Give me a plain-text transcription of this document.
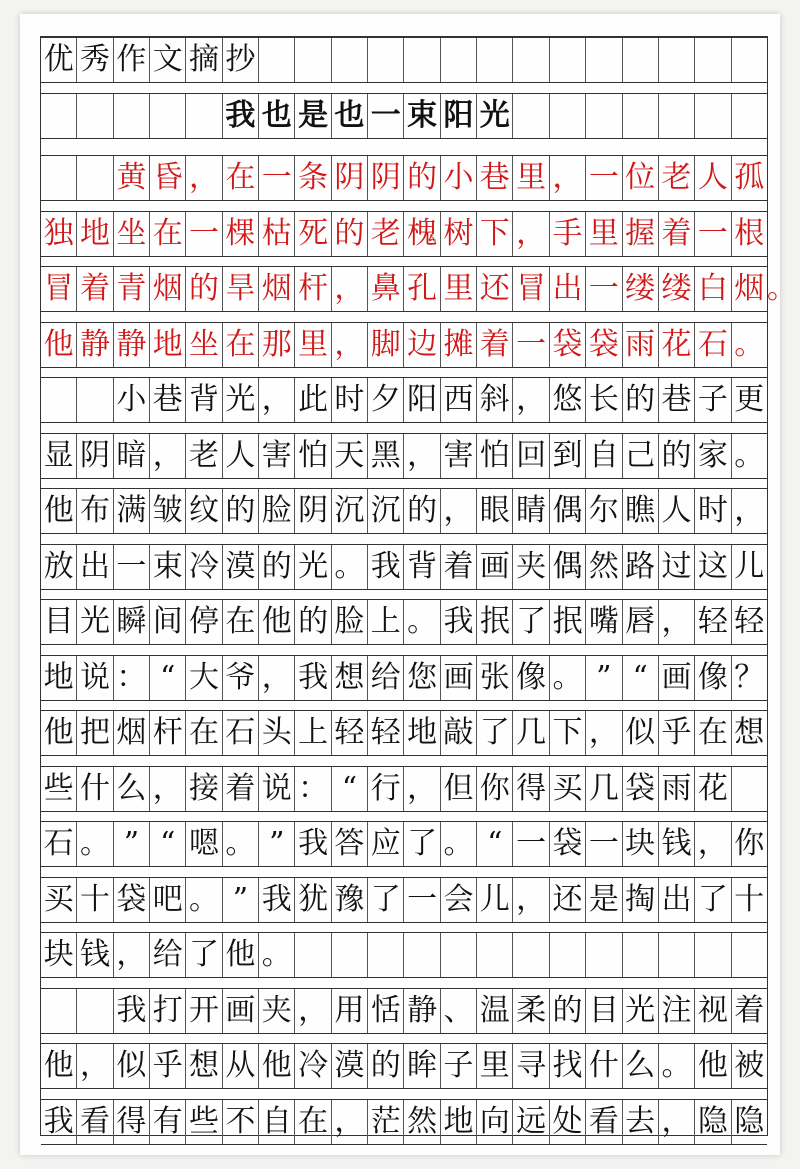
优 秀 作 文 摘 抄
我 也 是 也 一 束 阳 光
黄 昏 ， 在 一 条 阴 阴 的 小 巷 里 ， 一 位 老 人 孤
独 地 坐 在 一 棵 枯 死 的 老 槐 树 下 ， 手 里 握 着 一 根
冒 着 青 烟 的 旱 烟 杆 ， 鼻 孔 里 还 冒 出 一 缕 缕 白 烟 。
他 静 静 地 坐 在 那 里 ， 脚 边 摊 着 一 袋 袋 雨 花 石 。
小 巷 背 光 ， 此 时 夕 阳 西 斜 ， 悠 长 的 巷 子 更
显 阴 暗 ， 老 人 害 怕 天 黑 ， 害 怕 回 到 自 己 的 家 。
他 布 满 皱 纹 的 脸 阴 沉 沉 的 ， 眼 睛 偶 尔 瞧 人 时 ，
放 出 一 束 冷 漠 的 光 。 我 背 着 画 夹 偶 然 路 过 这 儿
目 光 瞬 间 停 在 他 的 脸 上 。 我 抿 了 抿 嘴 唇 ， 轻 轻
地 说 ： “ 大 爷 ， 我 想 给 您 画 张 像 。 ” “ 画 像 ？
他 把 烟 杆 在 石 头 上 轻 轻 地 敲 了 几 下 ， 似 乎 在 想
些 什 么 ， 接 着 说 ： “ 行 ， 但 你 得 买 几 袋 雨 花
石 。 ” “ 嗯 。 ” 我 答 应 了 。 “ 一 袋 一 块 钱 ， 你
买 十 袋 吧 。 ” 我 犹 豫 了 一 会 儿 ， 还 是 掏 出 了 十
块 钱 ， 给 了 他 。
我 打 开 画 夹 ， 用 恬 静 、 温 柔 的 目 光 注 视 着
他 ， 似 乎 想 从 他 冷 漠 的 眸 子 里 寻 找 什 么 。 他 被
我 看 得 有 些 不 自 在 ， 茫 然 地 向 远 处 看 去 ， 隐 隐
